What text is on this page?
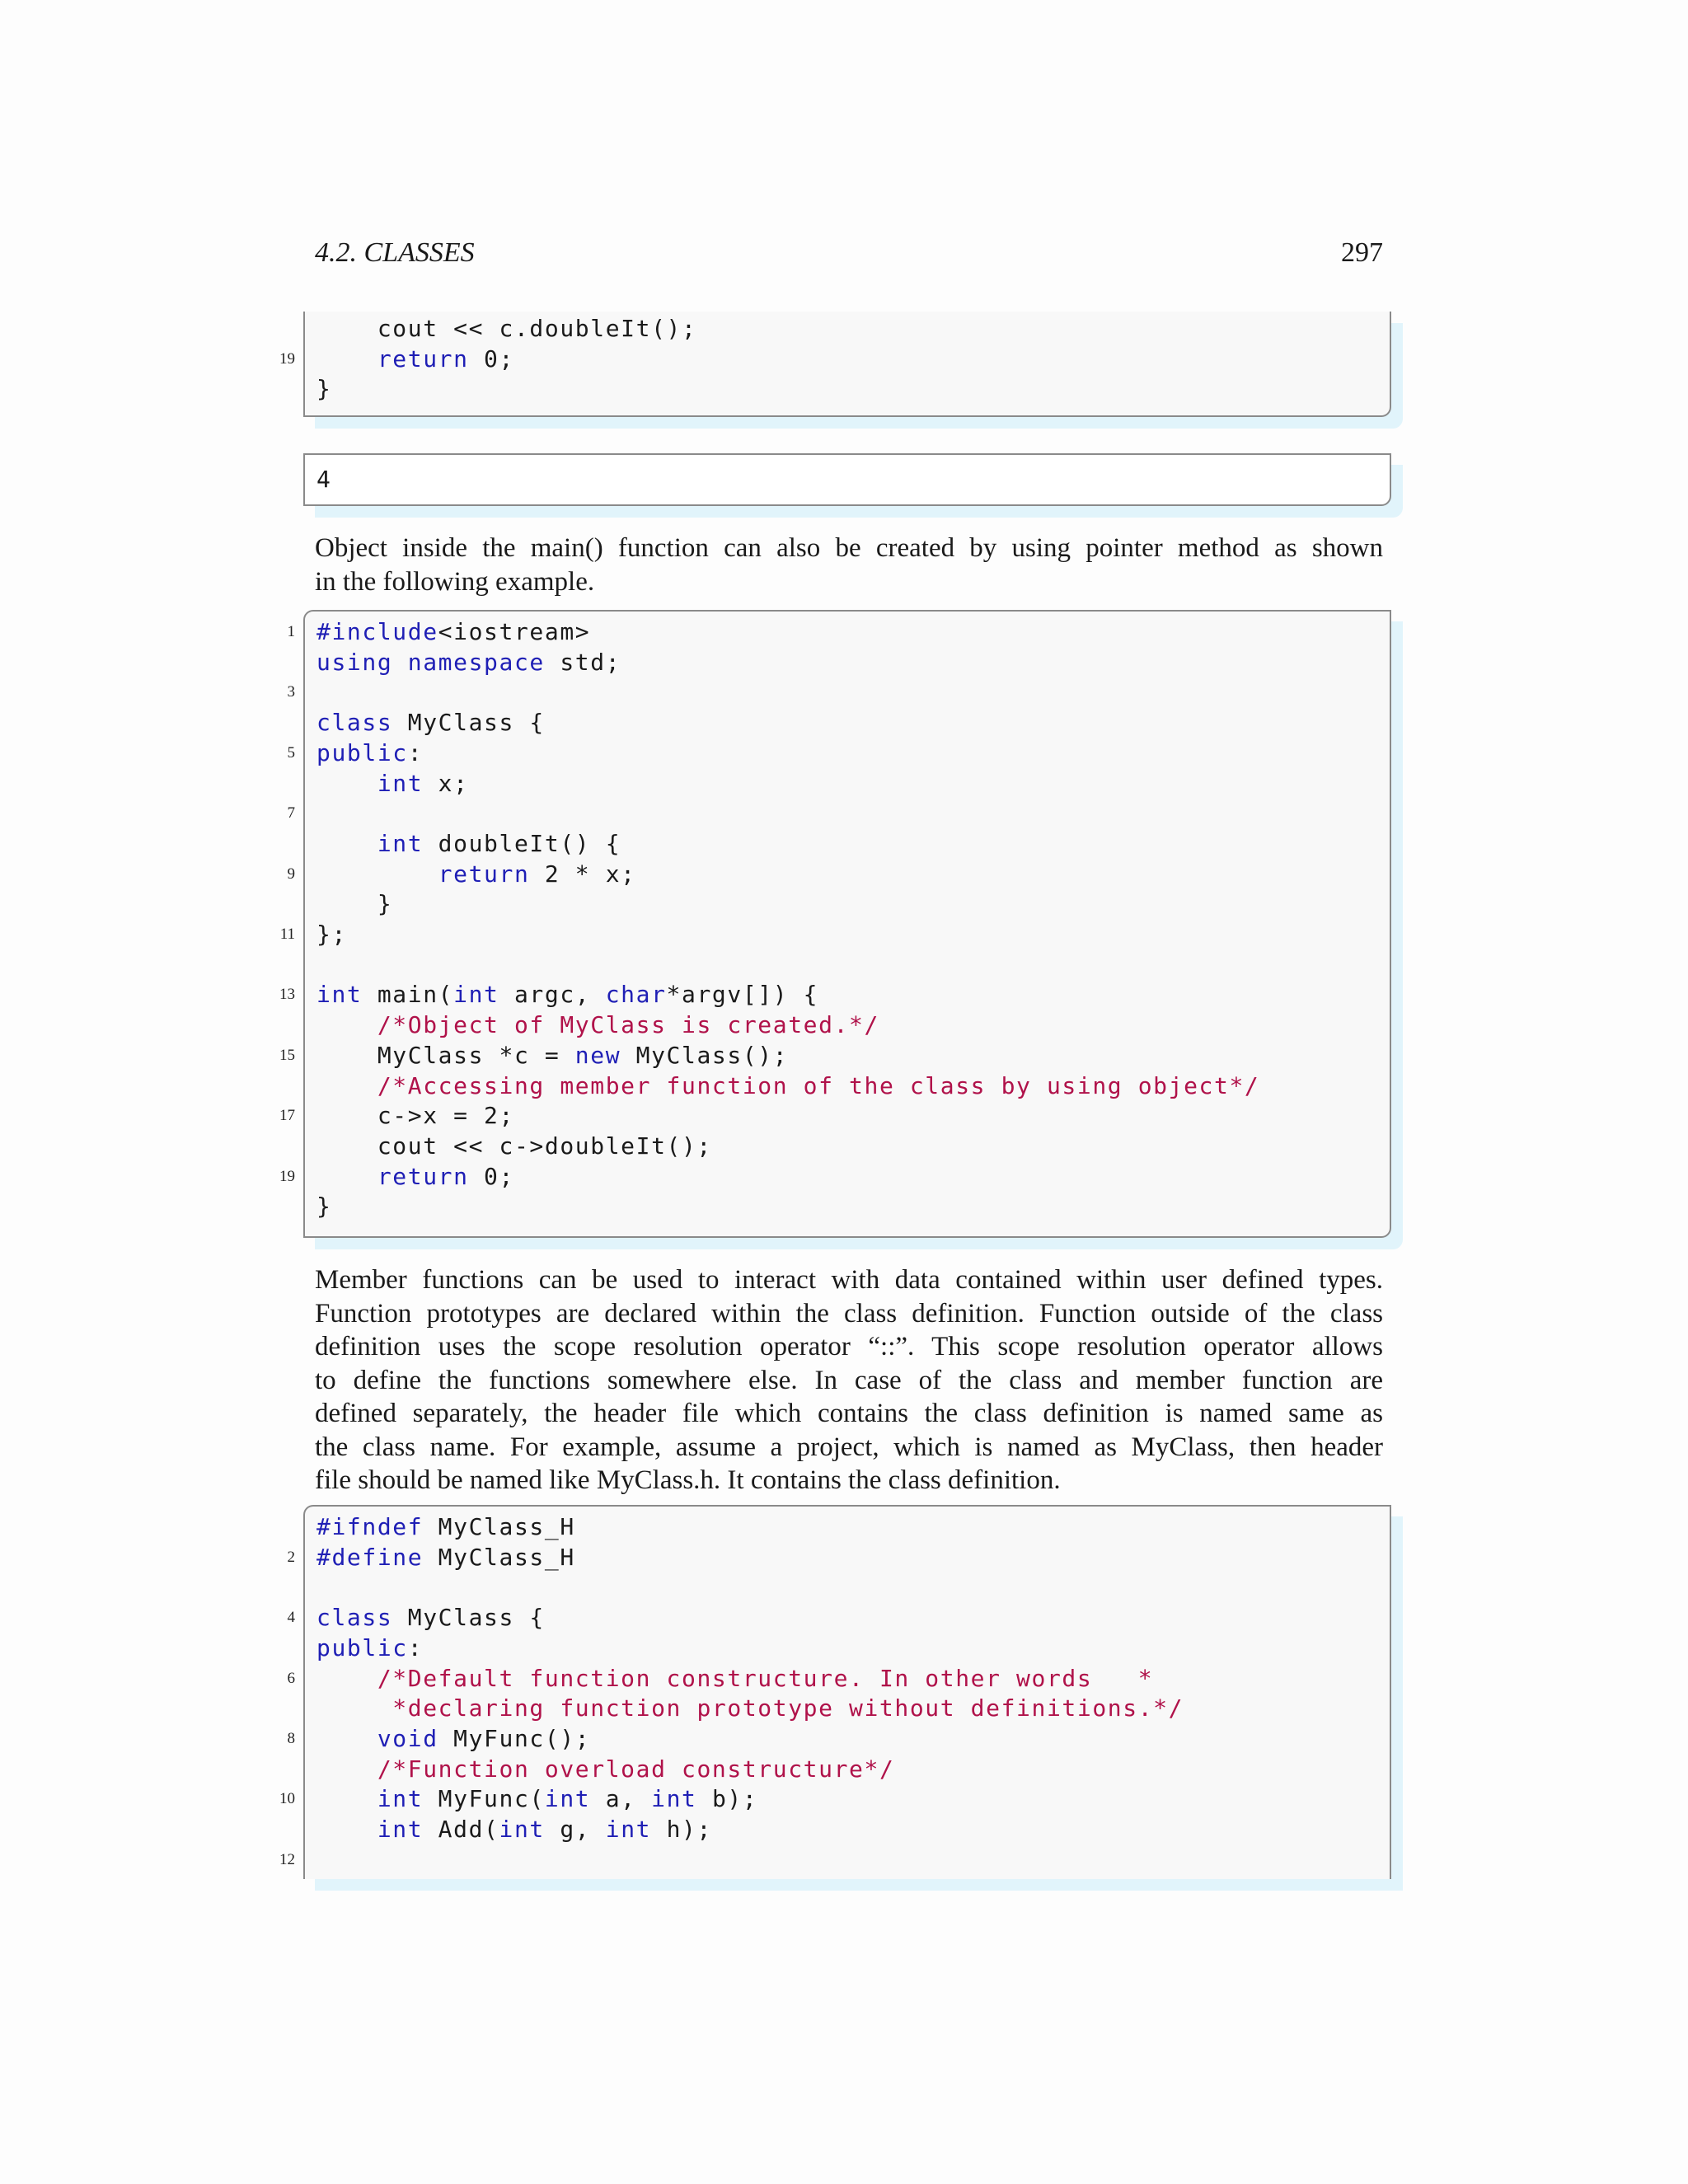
4.2. CLASSES	297
cout << c.doubleIt();
19	return 0;
}
4
Object inside the main() function can also be created by using pointer method as shown
in the following example.
1 #include<iostream>
using namespace std;
3
class MyClass {
5 public:
int x;
7
int doubleIt() {
9	return 2 * x;
}
11 };
13 int main(int argc, char*argv[]) {
/*Object of MyClass is created.*/
15 MyClass *c = new MyClass();
/*Accessing member function of the class by using object*/
17 c->x = 2;
cout << c->doubleIt();
19	return 0;
}
Member functions can be used to interact with data contained within user defined types.
Function prototypes are declared within the class definition. Function outside of the class
definition uses the scope resolution operator “::”. This scope resolution operator allows
to define the functions somewhere else. In case of the class and member function are
defined separately, the header file which contains the class definition is named same as
the class name. For example, assume a project, which is named as MyClass, then header
file should be named like MyClass.h. It contains the class definition.
#ifndef MyClass_H
2 #define MyClass_H
4 class MyClass {
public:
6	/*Default function constructure. In other words   *
*declaring function prototype without definitions.*/
8	void MyFunc();
/*Function overload constructure*/
10	int MyFunc(int a, int b);
int Add(int g, int h);
12
